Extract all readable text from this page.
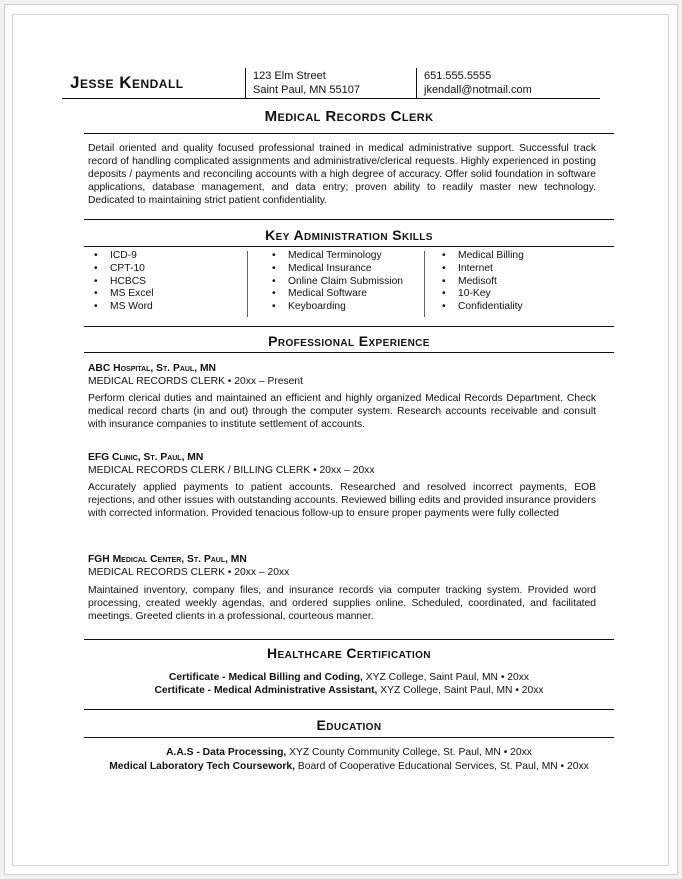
Jesse Kendall	123 Elm Street
Saint Paul, MN 55107
651.555.5555
jkendall@notmail.com
Medical Records Clerk
Detail oriented and quality focused professional trained in medical administrative support. Successful track record of handling complicated assignments and administrative/clerical requests. Highly experienced in posting deposits / payments and reconciling accounts with a high degree of accuracy. Offer solid foundation in software applications, database management, and data entry; proven ability to readily master new technology. Dedicated to maintaining strict patient confidentiality.
Key Administration Skills
• ICD-9
• CPT-10
• HCBCS
• MS Excel
• MS Word
• Medical Terminology
• Medical Insurance
• Online Claim Submission
• Medical Software
• Keyboarding
• Medical Billing
• Internet
• Medisoft
• 10-Key
• Confidentiality
Professional Experience
ABC Hospital, St. Paul, MN
MEDICAL RECORDS CLERK • 20xx – Present
Perform clerical duties and maintained an efficient and highly organized Medical Records Department. Check medical record charts (in and out) through the computer system. Research accounts receivable and consult with insurance companies to institute settlement of accounts.
EFG Clinic, St. Paul, MN
MEDICAL RECORDS CLERK / BILLING CLERK • 20xx – 20xx
Accurately applied payments to patient accounts. Researched and resolved incorrect payments, EOB rejections, and other issues with outstanding accounts. Reviewed billing edits and provided insurance providers with corrected information. Provided tenacious follow-up to ensure proper payments were fully collected
FGH Medical Center, St. Paul, MN
MEDICAL RECORDS CLERK • 20xx – 20xx
Maintained inventory, company files, and insurance records via computer tracking system. Provided word processing, created weekly agendas, and ordered supplies online. Scheduled, coordinated, and facilitated meetings. Greeted clients in a professional, courteous manner.
Healthcare Certification
Certificate - Medical Billing and Coding, XYZ College, Saint Paul, MN • 20xx
Certificate - Medical Administrative Assistant, XYZ College, Saint Paul, MN • 20xx
Education
A.A.S - Data Processing, XYZ County Community College, St. Paul, MN • 20xx
Medical Laboratory Tech Coursework, Board of Cooperative Educational Services, St. Paul, MN • 20xx
